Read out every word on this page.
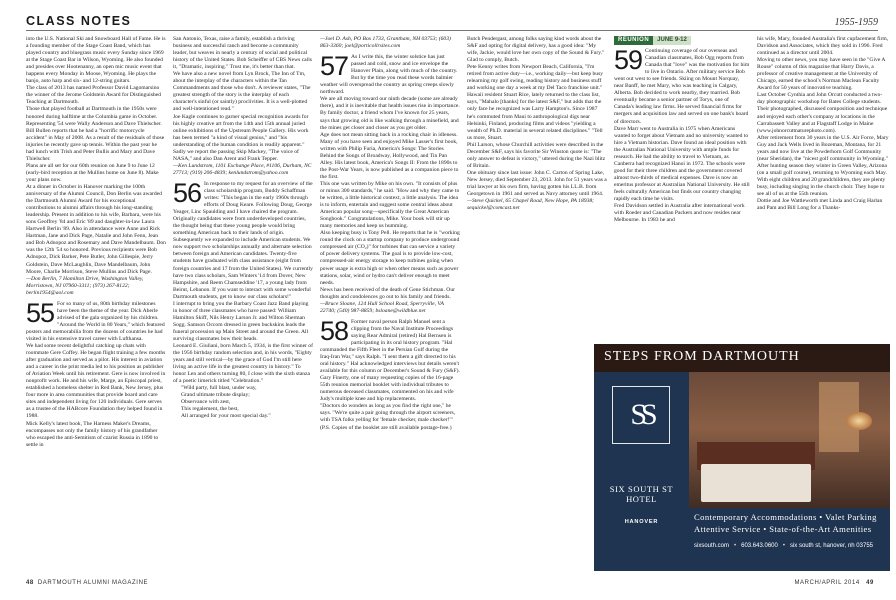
CLASS NOTES	1955-1959

into the U.S. National Ski and Snowboard Hall of Fame. He is a founding member of the Stage Coast Band, which has played country and bluegrass music every Sunday since 1969 at the Stage Coast Bar in Wilson, Wyoming. He also founded and presides over Hootenanny, an open mic music event that happens every Monday in Moose, Wyoming. He plays the banjo, auto harp and six- and 12-string guitars.

The class of 2013 has named Professor David Lagomarsino the winner of the Jerome Goldstein Award for Distinguished Teaching at Dartmouth.

Those that played football at Dartmouth in the 1950s were honored during halftime at the Columbia game in October. Representing '54 were Wally Anderson and Dave Thielscher.

Bill Bullen reports that he had a "horrific motorcycle accident" in May of 2008. As a result of the residuals of those injuries he recently gave up tennis. Within the past year he had lunch with Trish and Peter Bullis and Mary and Dave Thielscher.

Plans are all set for our 60th reunion on June 9 to June 12 (early-bird reception at the Mullins home on June 8). Make your plans now.

At a dinner in October in Hanover marking the 100th anniversary of the Alumni Council, Don Berlin was awarded the Dartmouth Alumni Award for his exceptional contributions to alumni affairs through his long-standing leadership. Present in addition to his wife, Barbara, were his sons Geoffrey '84 and Eric '89 and daughter-in-law Laura Hartwell Berlin '89. Also in attendance were Anne and Rick Hartman, Jane and Dick Page, Natalie and John Fenn, Jean and Bob Adnopoz and Rosemary and Dave Mandelbaum. Don was the 12th '54 so honored. Previous recipients were Bob Adnopoz, Dick Barker, Pete Butler, John Gillespie, Jerry Goldstein, Dave McLaughlin, Dave Mandelbaum, John Moore, Charlie Morrison, Steve Mullins and Dick Page.

—Don Berlin, 7 Hamilton Drive, Washington Valley, Morristown, NJ 07960-3311; (973) 267-8122; berlin1954@aol.com

55 For so many of us, 80th birthday milestones have been the theme of the year. Dick Aberle advised of the gala organized by his children. "Around the World in 80 Years," which featured posters and memorabilia from the dozens of countries he had visited in his extensive travel career with Lufthansa.

We had some recent delightful catching up chats with roommate Gere Coffey. He began flight training a few months after graduation and served as a pilot. His interest in aviation and a career in the print media led to his position as publisher of Aviation Week until his retirement. Gere is now involved in nonprofit work. He and his wife, Marge, an Episcopal priest, established a homeless shelter in Red Bank, New Jersey, plus four more in area communities that provide board and care sites and independent living for 120 individuals. Gere serves as a trustee of the HABcore Foundation they helped found in 1988.

Mick Kelly's latest book, The Harness Maker's Dreams, encompasses not only the family history of his grandfather who escaped the anti-Semitism of czarist Russia in 1890 to settle in

San Antonio, Texas, raise a family, establish a thriving business and successful ranch and become a community leader, but weaves in nearly a century of social and political history of the United States. Bob Scheiffer of CBS News calls it, "Dramatic, inspiring." Trust me, it's better than that.

We have also a new novel from Lyn Brock, The Inn of Tm, about the interplay of the characters within the Tan Commandments and those who don't. A reviewer states, "The greatest strength of the story is the interplay of each character's sinful (or saintly) proclivities. It is a well-plotted and well-intentioned read."

Joe Kagle continues to garner special recognition awards for his highly creative art from the 14th and 15th annual juried online exhibitions of the Upstream People Gallery. His work has been termed "a kind of visual genius," and "his understanding of the human condition is readily apparent."

Sadly we report the passing Skip Mackey, "The voice of NASA," and also Dan Arent and Frank Tepper.

—Ken Lundstrom, 1101 Exchange Place, #1106, Durham, NC 27713; (919) 206-4839; kenlundstrom@yahoo.com

56 In response to my request for an overview of the class scholarship program, Buddy Schaffman writes: "This began in the early 1960s through efforts of Doug Keare. Following Doug, George Yeager, Linc Spaulding and I have chaired the program. Originally candidates were from underdeveloped countries, the thought being that these young people would bring something American back to their lands of origin. Subsequently we expanded to include American students. We now support two scholarships annually and alternate selection between foreign and American candidates. Twenty-five students have graduated with class assistance (eight from foreign countries and 17 from the United States). We currently have two class scholars, Sam Winters '14 from Dover, New Hampshire, and Reem Chamseddine '17, a young lady from Beirut, Lebanon. If you want to interact with some wonderful Dartmouth students, get to know our class scholars!"

I interrupt to bring you the Barbary Coast Jazz Band playing in honor of three classmates who have passed: William Hamilton Skiff, Nils Henry Larson Jr. and Wilton Sherman Sogg. Samson Occom dressed in green buckskins leads the funeral procession up Main Street and around the Green. All surviving classmates bow their heads.

Leonard E. Giuliani, born March 5, 1934, is the first winner of the 1956 birthday random selection and, in his words, "Eighty years and still vertical—by the grace of God I'm still here living an active life in the greatest country in history." To honor Len and others turning 80, I close with the sixth stanza of a poetic limerick titled "Celebration."

"Wild party, full blast, under way,

Grand ultimate tribute display;

Observance with zest,

This regalement, the best,

All arranged for your most special day."

—Joel D. Ash, PO Box 1733, Grantham, NH 03753; (603) 863-3360; joel@porticollrsites.com

57 As I write this, the winter solstice has just passed and cold, snow and ice envelope the Hanover Plain, along with much of the country. But by the time you read these words balmier weather will overspread the country as spring creeps slowly northward.

We are all moving toward our ninth decade (some are already there), and it is inevitable that health issues rise in importance. By family doctor, a friend whom I've known for 25 years, says that growing old is like walking through a minefield, and the mines get closer and closer as you get older.

Age does not mean sitting back in a rocking chair in idleness. Many of you have seen and enjoyed Mike Lasser's first book, written with Philip Furia, America's Songs: The Stories Behind the Songs of Broadway, Hollywood, and Tin Pan Alley. His latest book, America's Songs II: From the 1890s to the Post-War Years, is now published as a companion piece to the first.

This one was written by Mike on his own. "It consists of plus or minus 300 standards," he said. "How and why they came to be written, a little historical context, a little analysis. The idea is to inform, entertain and suggest some central ideas about American popular song—specifically the Great American Songbook." Congratulations, Mike. Your book will stir up many memories and keep us humming.

Also keeping busy is Tony Pell. He reports that he is "working round the clock on a startup company to produce underground compressed air (CO₂)" for turbines that can service a variety of power delivery systems. The goal is to provide low-cost, compressed-air energy storage to keep turbines going when power usage is extra high or when other means such as power stations, solar, wind or hydro can't deliver enough to meet needs.

News has been received of the death of Gene Stichman. Our thoughts and condolences go out to his family and friends.

—Bruce Sloane, 124 Hull School Road, Sperryville, VA 22740; (540) 987-8859; bsloane@wildblue.net

58 Former naval person Ralph Manuel sent a clipping from the Naval Institute Proceedings saying Rear Admiral (retired) Hal Bernsen is participating in its oral history program. "Hal commanded the Fifth Fleet in the Persian Gulf during the Iraq-Iran War," says Ralph. "I sent them a gift directed to his oral history." Hal acknowledged interviews but details weren't available for this column or December's Sound & Fury (S&F).

Gary Finerty, one of many requesting copies of the 16-page 55th reunion memorial booklet with individual tributes to numerous deceased classmates, commented on his and wife Judy's multiple knee and hip replacements.

"Doctors do wonders as long as you find the right one," he says. "We're quite a pair going through the airport screeners, with TSA folks yelling for 'female checker, male checker!'"

(P.S. Copies of the booklet are still available postage-free.)

Butch Pendergast, among folks saying kind words about the S&F and opting for digital delivery, has a good idea: "My wife, Jackie, would love her own copy of the Sound & Fury." Glad to comply, Butch.

Pete Kenny writes from Newport Beach, California, "I'm retired from active duty—i.e., working daily—but keep busy relearning my golf swing, reading history and business stuff and working one day a week at my Del Taco franchise unit."

Hawaii resident Stuart Rice, lately returned to the class list, says, "Mahalo [thanks] for the latest S&F," but adds that the only face he recognized was Larry Hampton's. Since 1987 he's commuted from Maui to anthropological digs near Helsinki, Finland, producing films and videos "yielding a wealth of Ph.D. material in several related disciplines." "Tell us more, Stuart.

Phil Larson, whose Churchill activities were described in the December S&F, says his favorite Sir Winston quote is: "The only answer to defeat is victory," uttered during the Nazi blitz of Britain.

One obituary since last issue: John C. Carton of Spring Lake, New Jersey, died September 23, 2013. John for 51 years was a trial lawyer at his own firm, having gotten his LL.B. from Georgetown in 1961 and served as Navy attorney until 1964.

—Steve Quickel, 65 Chapel Road, New Hope, PA 18938; sequickel@comcast.net

REUNION	JUNE 9-12

59 Continuing coverage of our overseas and Canadian classmates, Bob Ogg reports from Canada that "love" was the motivation for him to live in Ontario. After military service Bob went out west to see friends. Skiing on Mount Norquay, near Banff, he met Mary, who was teaching in Calgary, Alberta. Bob decided to work nearby, they married. Bob eventually became a senior partner of Torys, one of Canada's leading law firms. He served financial firms for mergers and acquisition law and served on one bank's board of directors.

Dave Marr went to Australia in 1975 when Americans wanted to forget about Vietnam and no university wanted to hire a Vietnam historian. Dave found an ideal position with the Australian National University with ample funds for research. He had the ability to travel to Vietnam, as Canberra had recognized Hanoi in 1972. The schools were good for their three children and the government covered almost two-thirds of medical expenses. Dave is now an emeritus professor at Australian National University. He still feels culturally American but finds our country changing rapidly each time he visits.

Fred Davidson settled in Australia after international work with Roeder and Canadian Packers and now resides near Melbourne. In 1983 he and

his wife, Mary, founded Australia's first cupfacement firm, Davidson and Associates, which they sold in 1996. Fred continued as a director until 2004.

Moving to other news, you may have seen in the "Give A Rouse" column of this magazine that Harry Davis, a professor of creative management at the University of Chicago, earned the school's Norman Maclean Faculty Award for 50 years of innovative teaching.

Last October Cynthia and John Orcutt conducted a two-day photographic workshop for Bates College students. Their photographed, discussed composition and technique and enjoyed each other's company at locations in the Carrabassett Valley and at Flagstaff Lodge in Maine (www.johnorcuttnaturephoto.com).

After retirement from 30 years in the U.S. Air Force, Mary Guy and Jack Wells lived in Bozeman, Montana, for 21 years and now live at the Powderhorn Golf Community (near Sheridan), the "nicest golf community in Wyoming." After hunting season they winter in Green Valley, Arizona (on a small golf course), returning to Wyoming each May. With eight children and 20 grandchildren, they are plenty busy, including singing in the church choir. They hope to see all of us at the 55th reunion.

Dottie and Joe Wattleworth met Linda and Craig Harlan and Pam and Bill Long for a Thanks-

STEPS FROM DARTMOUTH
SS
SIX SOUTH ST HOTEL
HANOVER	Contemporary Accommodations • Valet Parking
Attentive Service • State-of-the-Art Amenities
sixsouth.com • 603.643.0600 • six south st, hanover, nh 03755
48 DARTMOUTH ALUMNI MAGAZINE	MARCH/APRIL 2014 49
